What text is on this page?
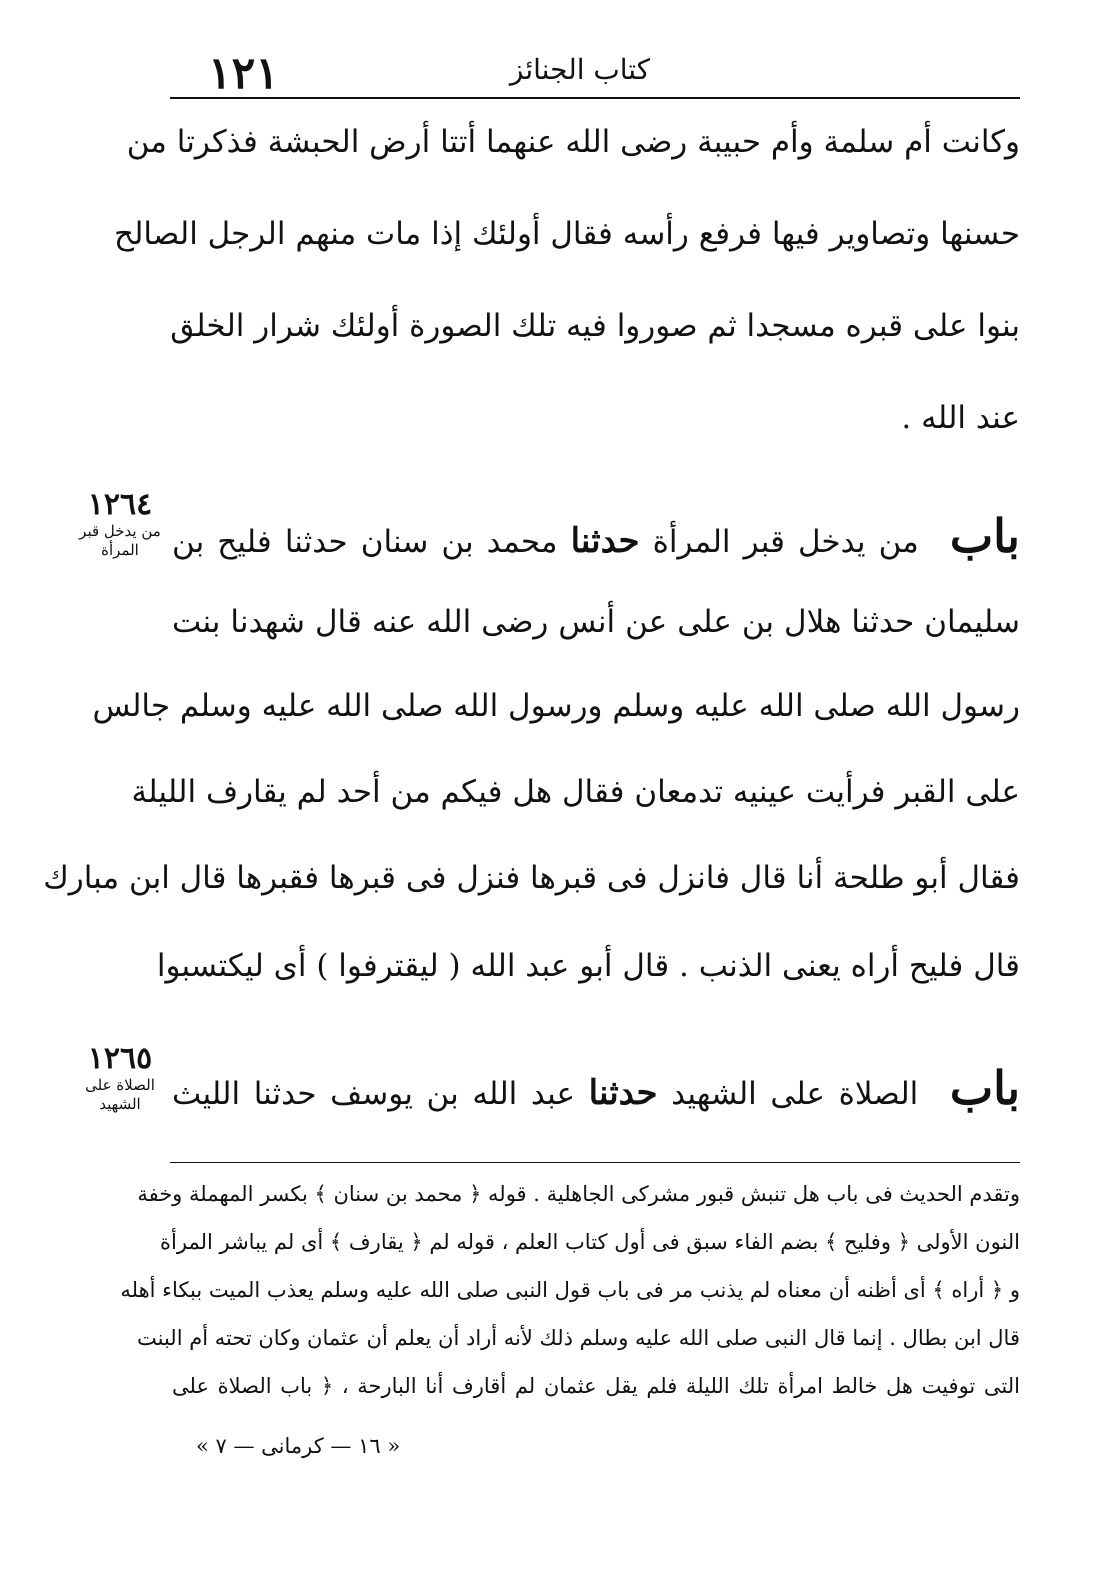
١٢١	كتاب الجنائز
وكانت أم سلمة وأم حبيبة رضى الله عنهما أتتا أرض الحبشة فذكرتا من
حسنها وتصاوير فيها فرفع رأسه فقال أولئك إذا مات منهم الرجل الصالح
بنوا على قبره مسجدا ثم صوروا فيه تلك الصورة أولئك شرار الخلق
عند الله .
١٢٦٤
من يدخل قبر المرأة	باب من يدخل قبر المرأة حدثنا محمد بن سنان حدثنا فليح بن
سليمان حدثنا هلال بن على عن أنس رضى الله عنه قال شهدنا بنت
رسول الله صلى الله عليه وسلم ورسول الله صلى الله عليه وسلم جالس
على القبر فرأيت عينيه تدمعان فقال هل فيكم من أحد لم يقارف الليلة
فقال أبو طلحة أنا قال فانزل فى قبرها فنزل فى قبرها فقبرها قال ابن مبارك
قال فليح أراه يعنى الذنب . قال أبو عبد الله ( ليقترفوا ) أى ليكتسبوا
١٢٦٥
الصلاة على الشهيد	باب الصلاة على الشهيد حدثنا عبد الله بن يوسف حدثنا الليث
وتقدم الحديث فى باب هل تنبش قبور مشركى الجاهلية . قوله ﴿ محمد بن سنان ﴾ بكسر المهملة وخفة
النون الأولى ﴿ وفليح ﴾ بضم الفاء سبق فى أول كتاب العلم ، قوله لم ﴿ يقارف ﴾ أى لم يباشر المرأة
و ﴿ أراه ﴾ أى أظنه أن معناه لم يذنب مر فى باب قول النبى صلى الله عليه وسلم يعذب الميت ببكاء أهله
قال ابن بطال . إنما قال النبى صلى الله عليه وسلم ذلك لأنه أراد أن يعلم أن عثمان وكان تحته أم البنت
التى توفيت هل خالط امرأة تلك الليلة فلم يقل عثمان لم أقارف أنا البارحة ، ﴿ باب الصلاة على
« ١٦ — كرمانى — ٧ »
